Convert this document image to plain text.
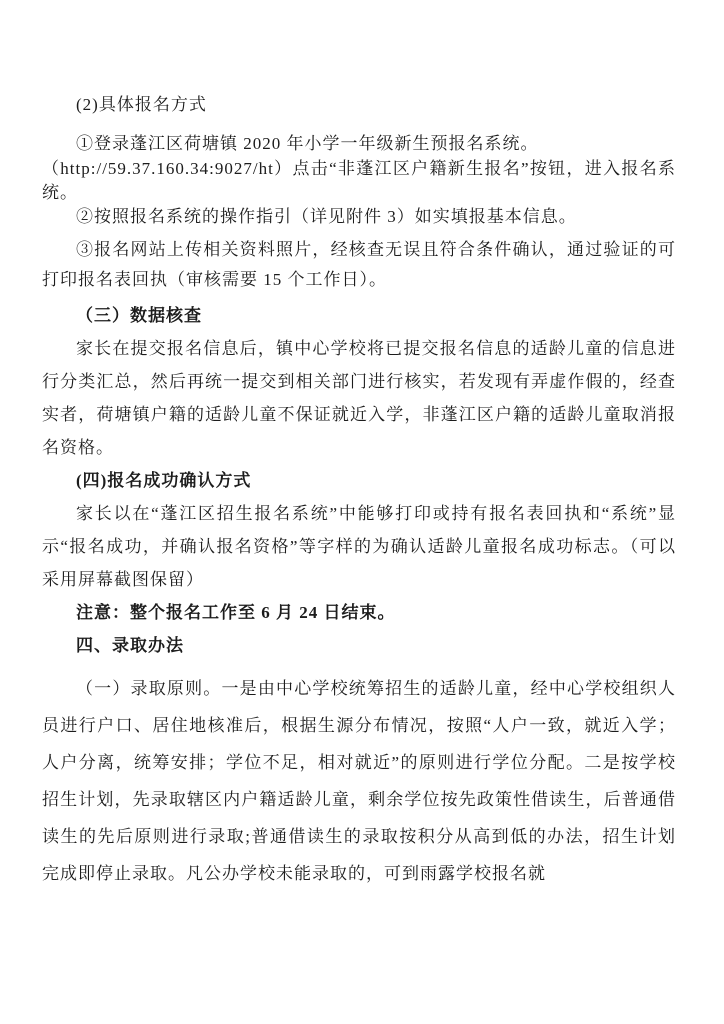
(2)具体报名方式

①登录蓬江区荷塘镇 2020 年小学一年级新生预报名系统。

（http://59.37.160.34:9027/ht）点击“非蓬江区户籍新生报名”按钮，进入报名系统。

②按照报名系统的操作指引（详见附件 3）如实填报基本信息。

③报名网站上传相关资料照片，经核查无误且符合条件确认，通过验证的可打印报名表回执（审核需要 15 个工作日）。

（三）数据核查

家长在提交报名信息后，镇中心学校将已提交报名信息的适龄儿童的信息进行分类汇总，然后再统一提交到相关部门进行核实，若发现有弄虚作假的，经查实者，荷塘镇户籍的适龄儿童不保证就近入学，非蓬江区户籍的适龄儿童取消报名资格。

(四)报名成功确认方式

家长以在“蓬江区招生报名系统”中能够打印或持有报名表回执和“系统”显示“报名成功，并确认报名资格”等字样的为确认适龄儿童报名成功标志。（可以采用屏幕截图保留）

注意：整个报名工作至 6 月 24 日结束。

四、录取办法

（一）录取原则。一是由中心学校统筹招生的适龄儿童，经中心学校组织人员进行户口、居住地核准后，根据生源分布情况，按照“人户一致，就近入学；人户分离，统筹安排；学位不足，相对就近”的原则进行学位分配。二是按学校招生计划，先录取辖区内户籍适龄儿童，剩余学位按先政策性借读生，后普通借读生的先后原则进行录取;普通借读生的录取按积分从高到低的办法，招生计划完成即停止录取。凡公办学校未能录取的，可到雨露学校报名就
